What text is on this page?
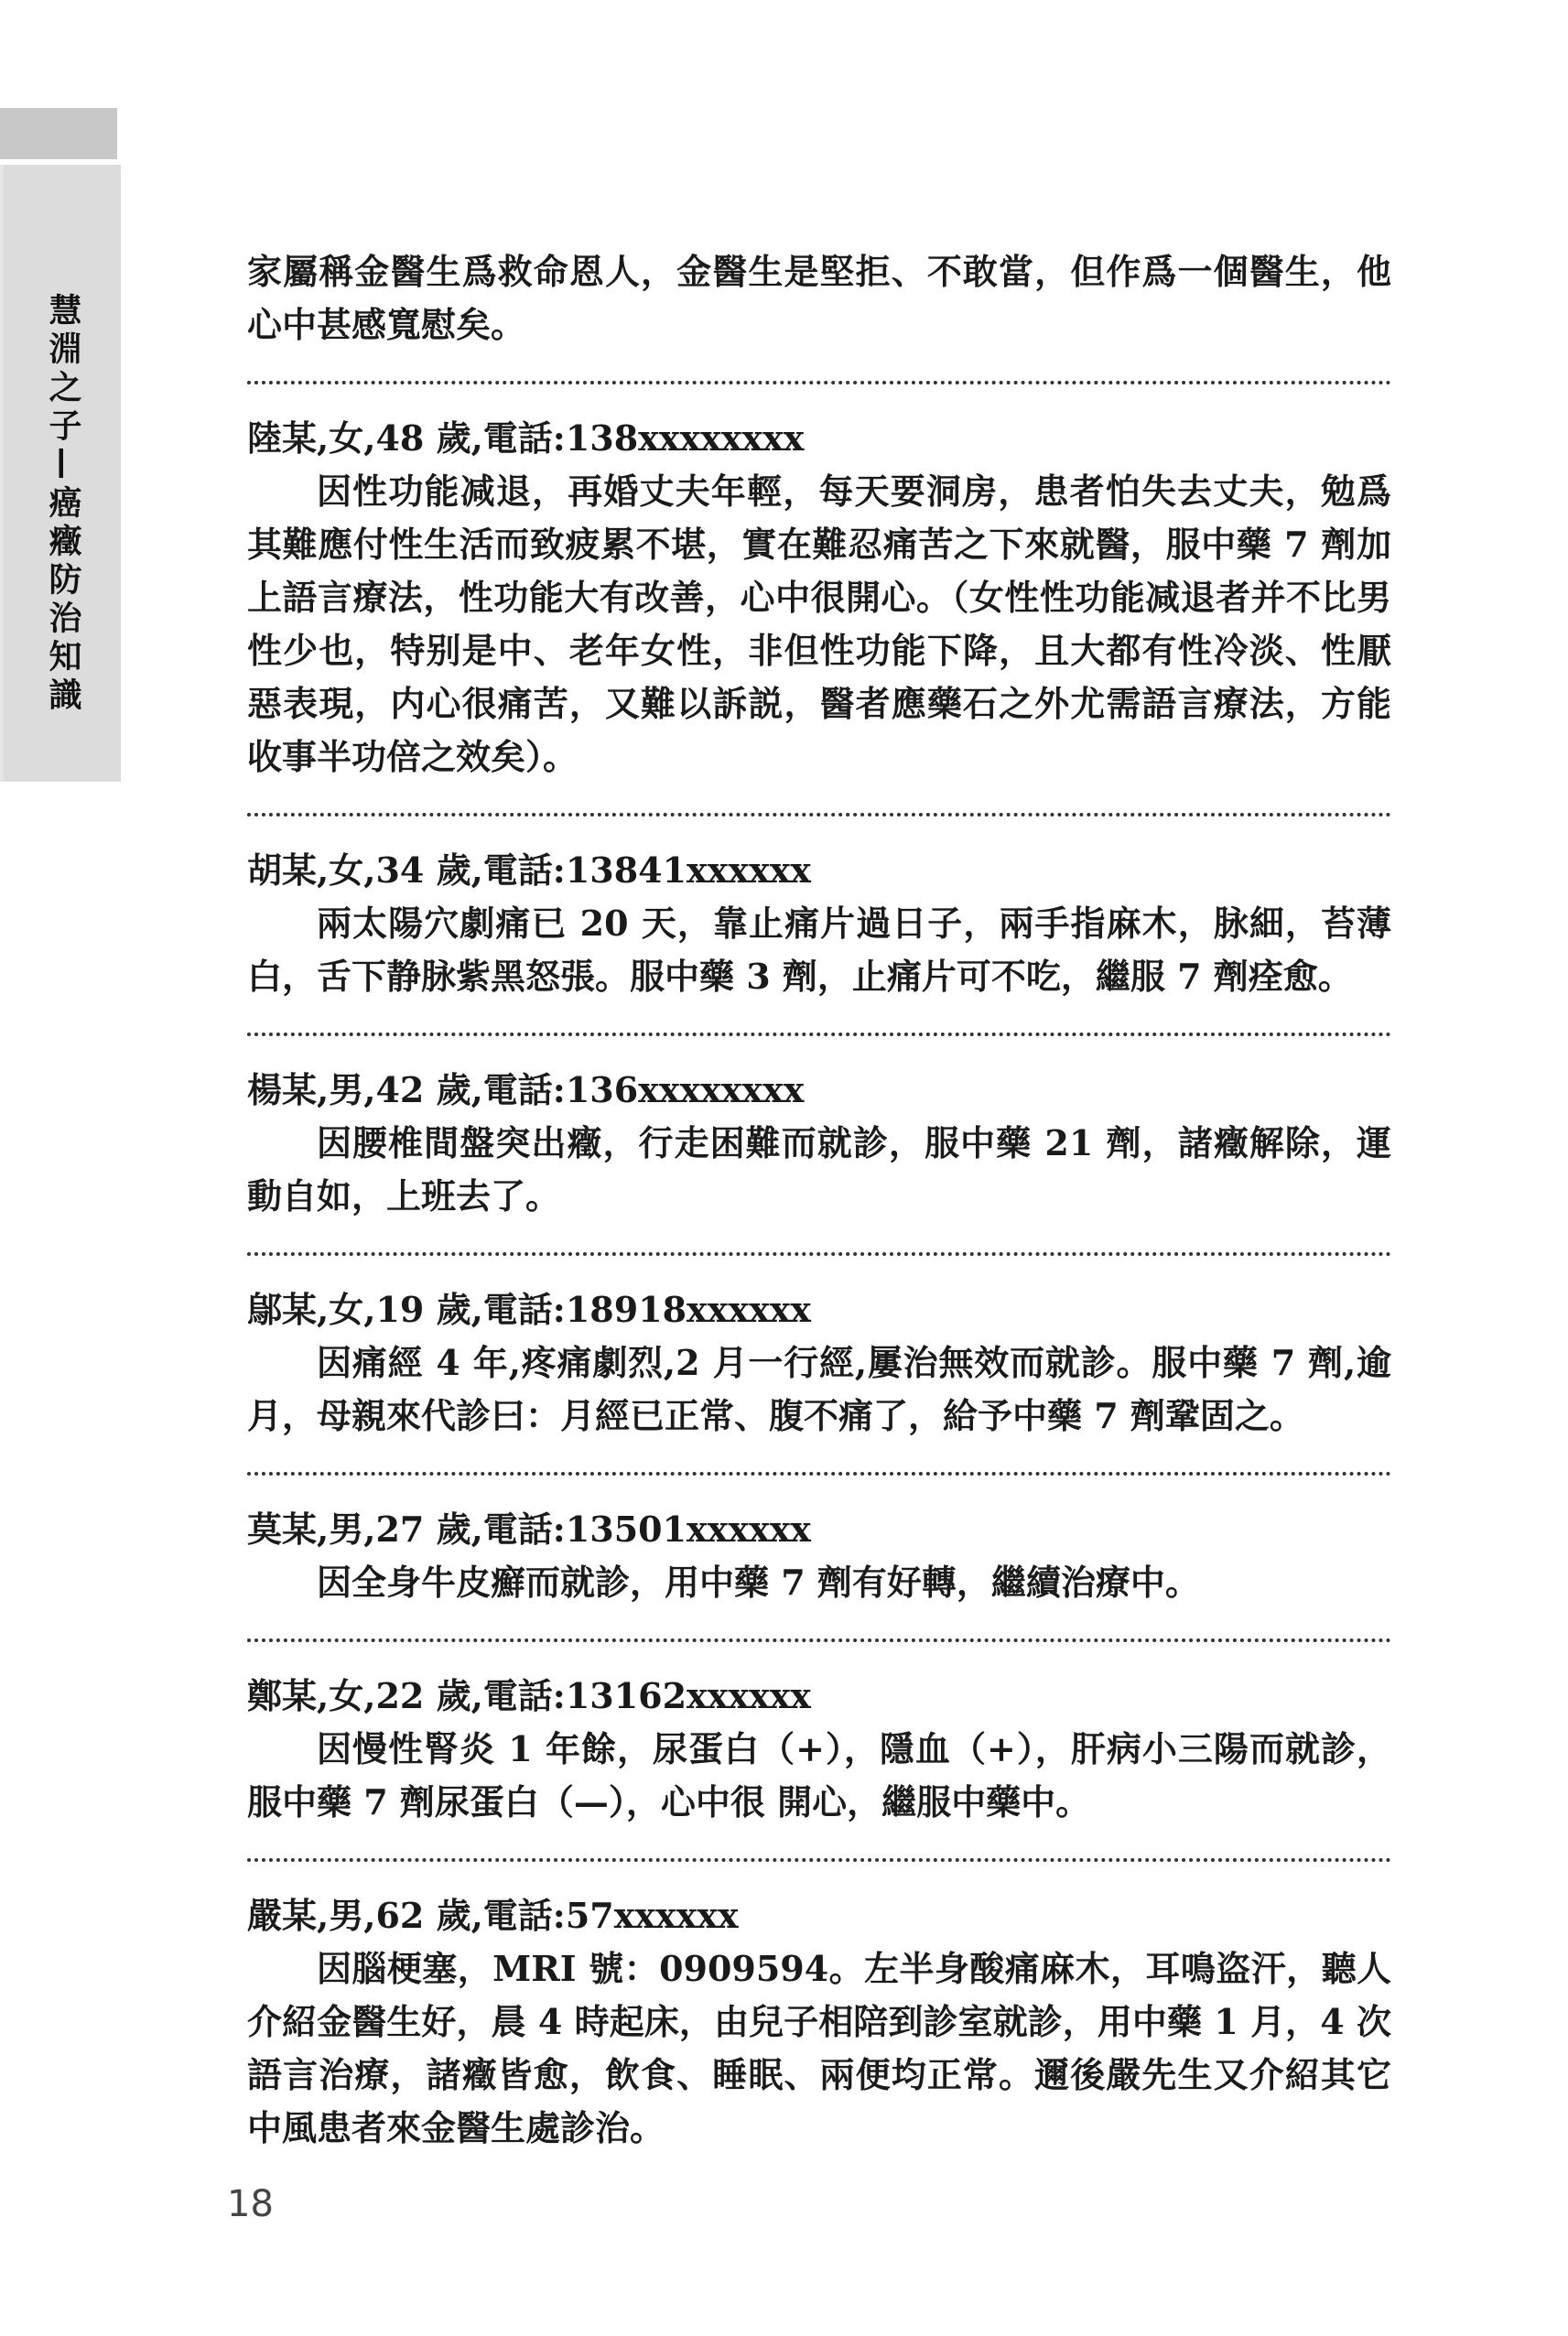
慧淵之子—癌癥防治知識

家屬稱金醫生爲救命恩人，金醫生是堅拒、不敢當，但作爲一個醫生，他心中甚感寬慰矣。

陸某,女,48 歲,電話:138xxxxxxxx

因性功能减退，再婚丈夫年輕，每天要洞房，患者怕失去丈夫，勉爲其難應付性生活而致疲累不堪，實在難忍痛苦之下來就醫，服中藥 7 劑加上語言療法，性功能大有改善，心中很開心。（女性性功能减退者并不比男性少也，特别是中、老年女性，非但性功能下降，且大都有性冷淡、性厭惡表現，内心很痛苦，又難以訴説，醫者應藥石之外尤需語言療法，方能收事半功倍之效矣）。

胡某,女,34 歲,電話:13841xxxxxx

兩太陽穴劇痛已 20 天，靠止痛片過日子，兩手指麻木，脉細，苔薄白，舌下静脉紫黑怒張。服中藥 3 劑，止痛片可不吃，繼服 7 劑痊愈。

楊某,男,42 歲,電話:136xxxxxxxx

因腰椎間盤突出癥，行走困難而就診，服中藥 21 劑，諸癥解除，運動自如，上班去了。

鄔某,女,19 歲,電話:18918xxxxxx

因痛經 4 年,疼痛劇烈,2 月一行經,屢治無效而就診。服中藥 7 劑,逾月，母親來代診曰：月經已正常、腹不痛了，給予中藥 7 劑鞏固之。

莫某,男,27 歲,電話:13501xxxxxx

因全身牛皮癬而就診，用中藥 7 劑有好轉，繼續治療中。

鄭某,女,22 歲,電話:13162xxxxxx

因慢性腎炎 1 年餘，尿蛋白（+），隱血（+），肝病小三陽而就診，服中藥 7 劑尿蛋白（—），心中很 開心，繼服中藥中。

嚴某,男,62 歲,電話:57xxxxxx

因腦梗塞，MRI 號：0909594。左半身酸痛麻木，耳鳴盗汗，聽人介紹金醫生好，晨 4 時起床，由兒子相陪到診室就診，用中藥 1 月，4 次語言治療，諸癥皆愈，飲食、睡眠、兩便均正常。邇後嚴先生又介紹其它中風患者來金醫生處診治。

18
